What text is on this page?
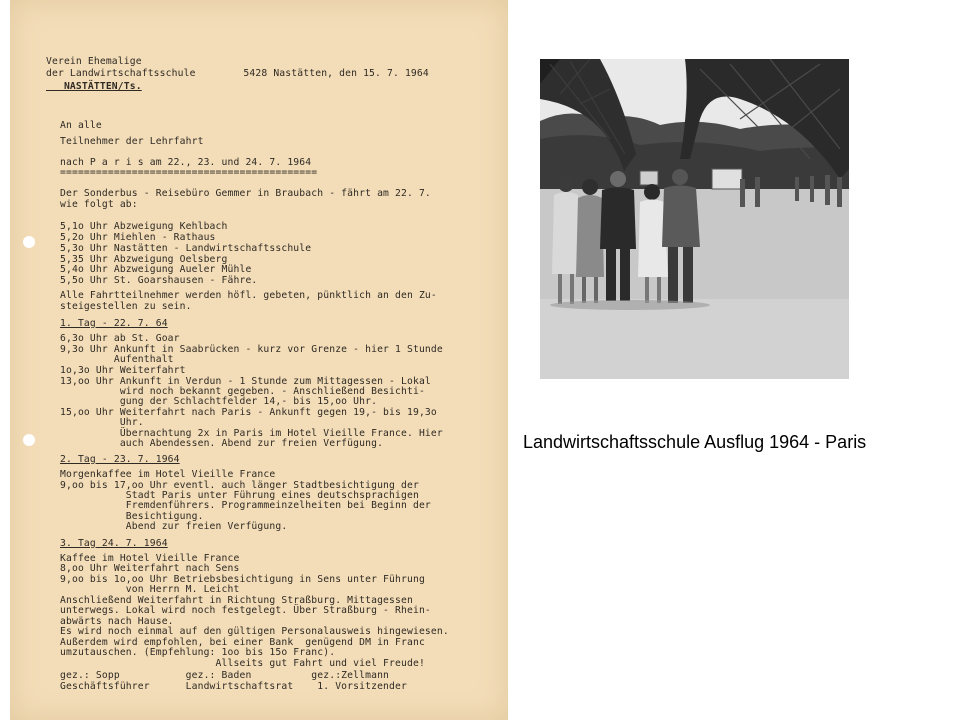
Verein Ehemalige
der Landwirtschaftsschule        5428 Nastätten, den 15. 7. 1964
NASTÄTTEN/Ts.
An alle
Teilnehmer der Lehrfahrt
nach P a r i s am 22., 23. und 24. 7. 1964
===========================================
Der Sonderbus - Reisebüro Gemmer in Braubach - fährt am 22. 7.
wie folgt ab:
5,1o Uhr Abzweigung Kehlbach
5,2o Uhr Miehlen - Rathaus
5,3o Uhr Nastätten - Landwirtschaftsschule
5,35 Uhr Abzweigung Oelsberg
5,4o Uhr Abzweigung Aueler Mühle
5,5o Uhr St. Goarshausen - Fähre.
Alle Fahrtteilnehmer werden höfl. gebeten, pünktlich an den Zu-
steigestellen zu sein.
1. Tag - 22. 7. 64
6,3o Uhr ab St. Goar
9,3o Uhr Ankunft in Saabrücken - kurz vor Grenze - hier 1 Stunde
Aufenthalt
1o,3o Uhr Weiterfahrt
13,oo Uhr Ankunft in Verdun - 1 Stunde zum Mittagessen - Lokal
wird noch bekannt gegeben. - Anschließend Besichti-
gung der Schlachtfelder 14,- bis 15,oo Uhr.
15,oo Uhr Weiterfahrt nach Paris - Ankunft gegen 19,- bis 19,3o
Uhr.
Übernachtung 2x in Paris im Hotel Vieille France. Hier
auch Abendessen. Abend zur freien Verfügung.
2. Tag - 23. 7. 1964
Morgenkaffee im Hotel Vieille France
9,oo bis 17,oo Uhr eventl. auch länger Stadtbesichtigung der
Stadt Paris unter Führung eines deutschsprachigen
Fremdenführers. Programmeinzelheiten bei Beginn der
Besichtigung.
Abend zur freien Verfügung.
3. Tag 24. 7. 1964
Kaffee im Hotel Vieille France
8,oo Uhr Weiterfahrt nach Sens
9,oo bis 1o,oo Uhr Betriebsbesichtigung in Sens unter Führung
von Herrn M. Leicht
Anschließend Weiterfahrt in Richtung Straßburg. Mittagessen
unterwegs. Lokal wird noch festgelegt. Über Straßburg - Rhein-
abwärts nach Hause.
Es wird noch einmal auf den gültigen Personalausweis hingewiesen.
Außerdem wird empfohlen, bei einer Bank  genügend DM in Franc
umzutauschen. (Empfehlung: 1oo bis 15o Franc).
Allseits gut Fahrt und viel Freude!
gez.: Sopp           gez.: Baden          gez.:Zellmann
Geschäftsführer      Landwirtschaftsrat    1. Vorsitzender
Landwirtschaftsschule Ausflug 1964 - Paris
